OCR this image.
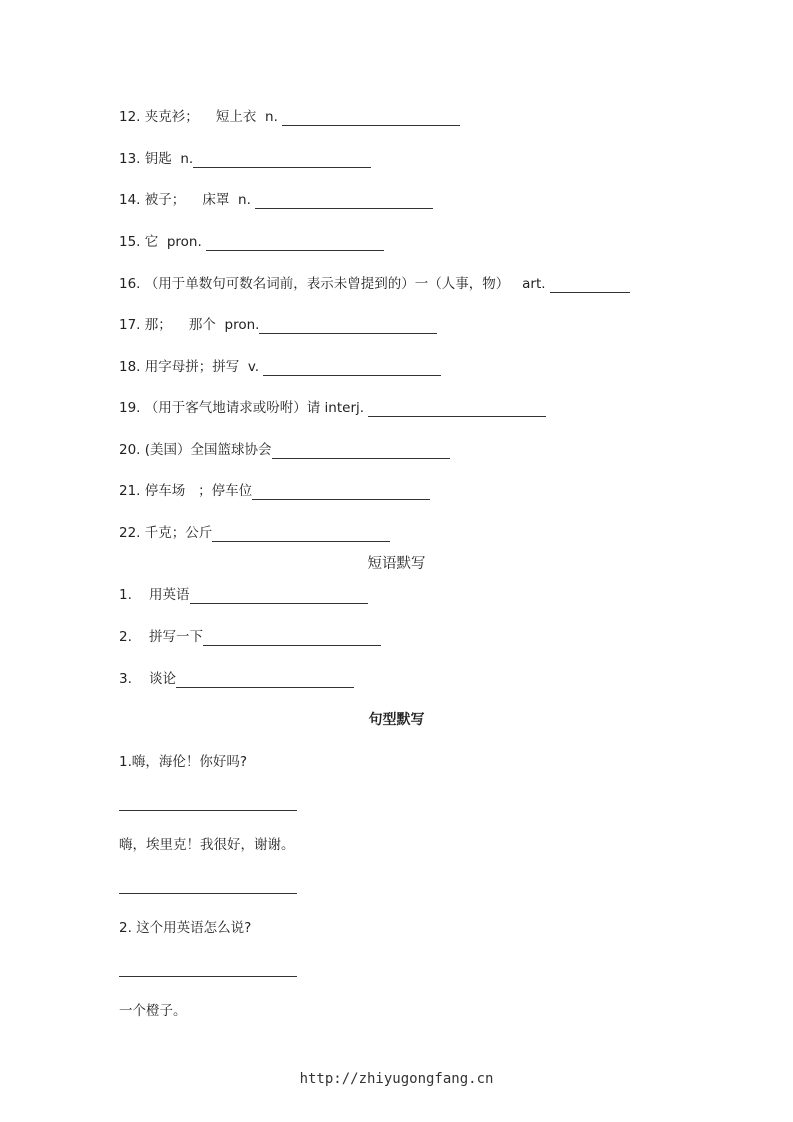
12. 夹克衫；    短上衣  n.
13. 钥匙  n.
14. 被子；    床罩  n.
15. 它  pron.
16. （用于单数句可数名词前，表示未曾提到的）一（人事，物）   art.
17. 那；    那个  pron.
18. 用字母拼；拼写  v.
19. （用于客气地请求或吩咐）请 interj.
20. (美国）全国篮球协会
21. 停车场   ；停车位
22. 千克；公斤
短语默写
1.    用英语
2.    拼写一下
3.    谈论
句型默写
1.嗨，海伦！你好吗?
嗨，埃里克！我很好，谢谢。
2. 这个用英语怎么说?
一个橙子。
http://zhiyugongfang.cn
